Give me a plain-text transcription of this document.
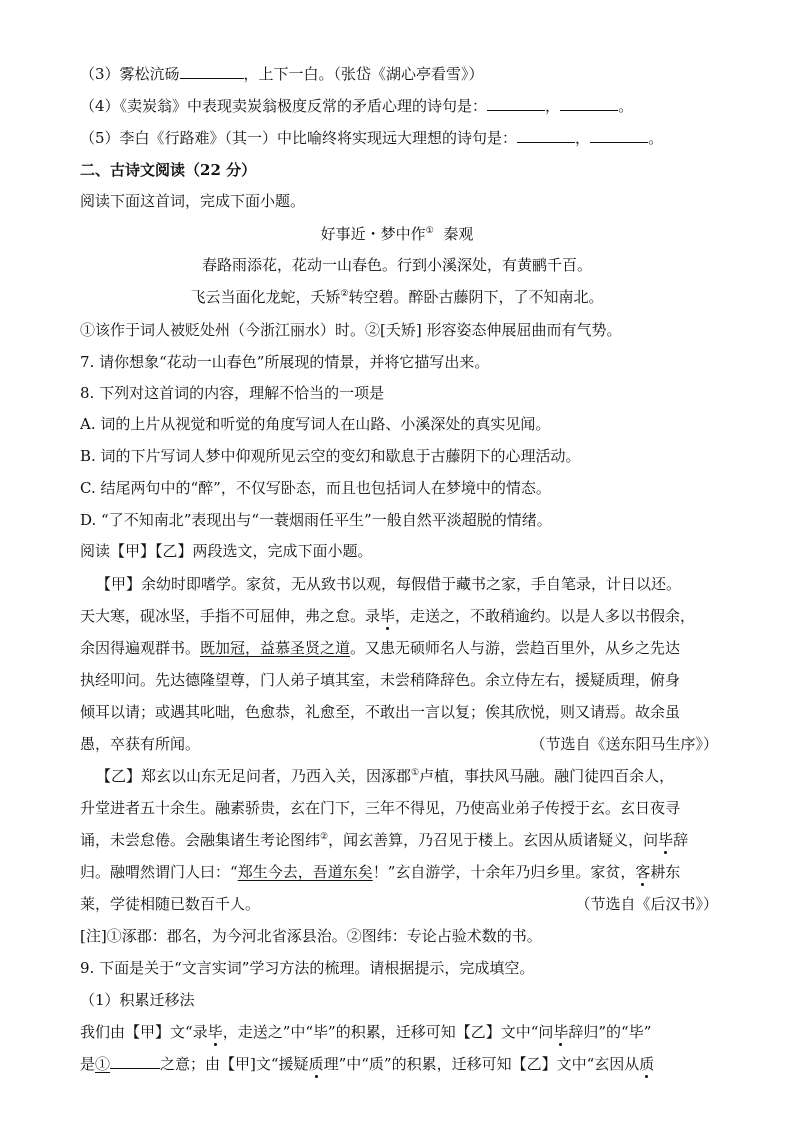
（3）雾松沆砀	，上下一白。（张岱《湖心亭看雪》）
（4）《卖炭翁》中表现卖炭翁极度反常的矛盾心理的诗句是：	，	。
（5）李白《行路难》（其一）中比喻终将实现远大理想的诗句是：	，	。
二、古诗文阅读（22 分）
阅读下面这首词，完成下面小题。
好事近・梦中作① 秦观
春路雨添花，花动一山春色。行到小溪深处，有黄鹂千百。
飞云当面化龙蛇，夭矫②转空碧。醉卧古藤阴下，了不知南北。
①该作于词人被贬处州（今浙江丽水）时。②[夭矫] 形容姿态伸展屈曲而有气势。
7. 请你想象“花动一山春色”所展现的情景，并将它描写出来。
8. 下列对这首词的内容，理解不恰当的一项是
A. 词的上片从视觉和听觉的角度写词人在山路、小溪深处的真实见闻。
B. 词的下片写词人梦中仰观所见云空的变幻和歇息于古藤阴下的心理活动。
C. 结尾两句中的“醉”，不仅写卧态，而且也包括词人在梦境中的情态。
D. “了不知南北”表现出与“一蓑烟雨任平生”一般自然平淡超脱的情绪。
阅读【甲】【乙】两段选文，完成下面小题。
【甲】余幼时即嗜学。家贫，无从致书以观，每假借于藏书之家，手自笔录，计日以还。
天大寒，砚冰坚，手指不可屈伸，弗之怠。录毕，走送之，不敢稍逾约。以是人多以书假余，
余因得遍观群书。既加冠，益慕圣贤之道。又患无硕师名人与游，尝趋百里外，从乡之先达
执经叩问。先达德隆望尊，门人弟子填其室，未尝稍降辞色。余立侍左右，援疑质理，俯身
倾耳以请；或遇其叱咄，色愈恭，礼愈至，不敢出一言以复；俟其欣悦，则又请焉。故余虽
愚，卒获有所闻。	（节选自《送东阳马生序》）
【乙】郑玄以山东无足问者，乃西入关，因涿郡①卢植，事扶风马融。融门徒四百余人，
升堂进者五十余生。融素骄贵，玄在门下，三年不得见，乃使高业弟子传授于玄。玄日夜寻
诵，未尝怠倦。会融集诸生考论图纬②，闻玄善算，乃召见于楼上。玄因从质诸疑义，问毕辞
归。融喟然谓门人曰：“郑生今去，吾道东矣！”玄自游学，十余年乃归乡里。家贫，客耕东
莱，学徒相随已数百千人。	（节选自《后汉书》）
[注]①涿郡：郡名，为今河北省涿县治。②图纬：专论占验术数的书。
9. 下面是关于“文言实词”学习方法的梳理。请根据提示，完成填空。
（1）积累迁移法
我们由【甲】文“录毕，走送之”中“毕”的积累，迁移可知【乙】文中“问毕辞归”的“毕”
是①	之意；由【甲]文“援疑质理”中“质”的积累，迁移可知【乙】文中“玄因从质
